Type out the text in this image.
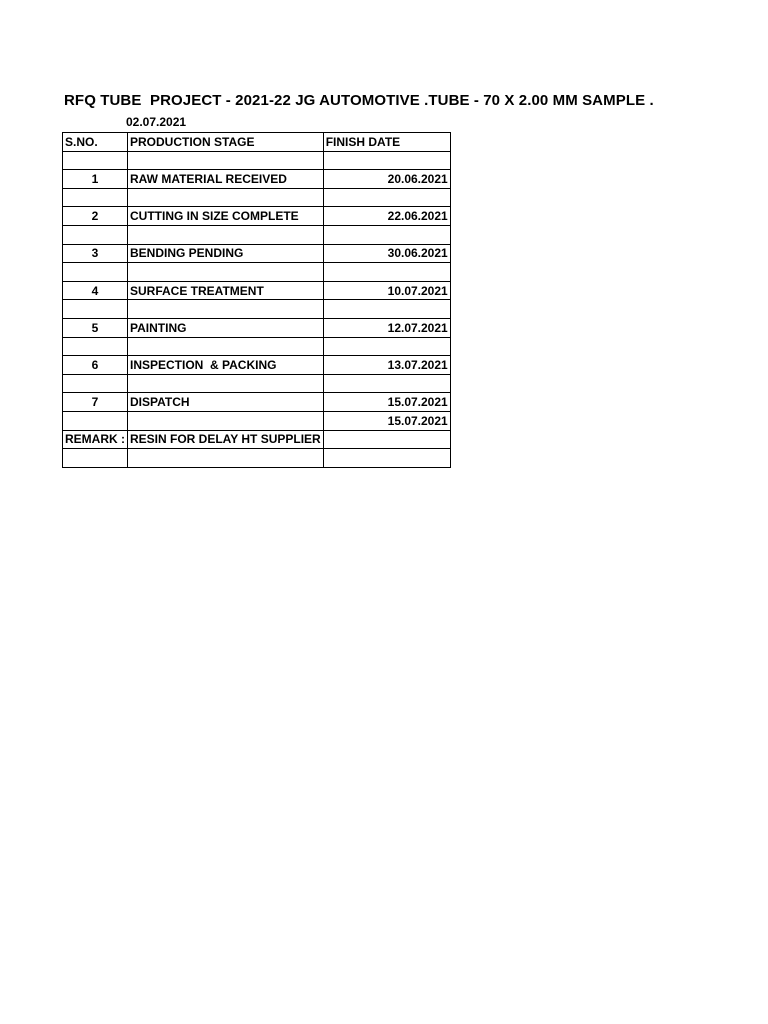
RFQ TUBE  PROJECT - 2021-22 JG AUTOMOTIVE .TUBE - 70 X 2.00 MM SAMPLE .
02.07.2021
S.NO.	PRODUCTION STAGE	FINISH DATE

1	RAW MATERIAL RECEIVED	20.06.2021

2	CUTTING IN SIZE COMPLETE	22.06.2021

3	BENDING PENDING	30.06.2021

4	SURFACE TREATMENT	10.07.2021

5	PAINTING	12.07.2021

6	INSPECTION  & PACKING	13.07.2021

7	DISPATCH	15.07.2021
		15.07.2021
REMARK :	RESIN FOR DELAY HT SUPPLIER	
